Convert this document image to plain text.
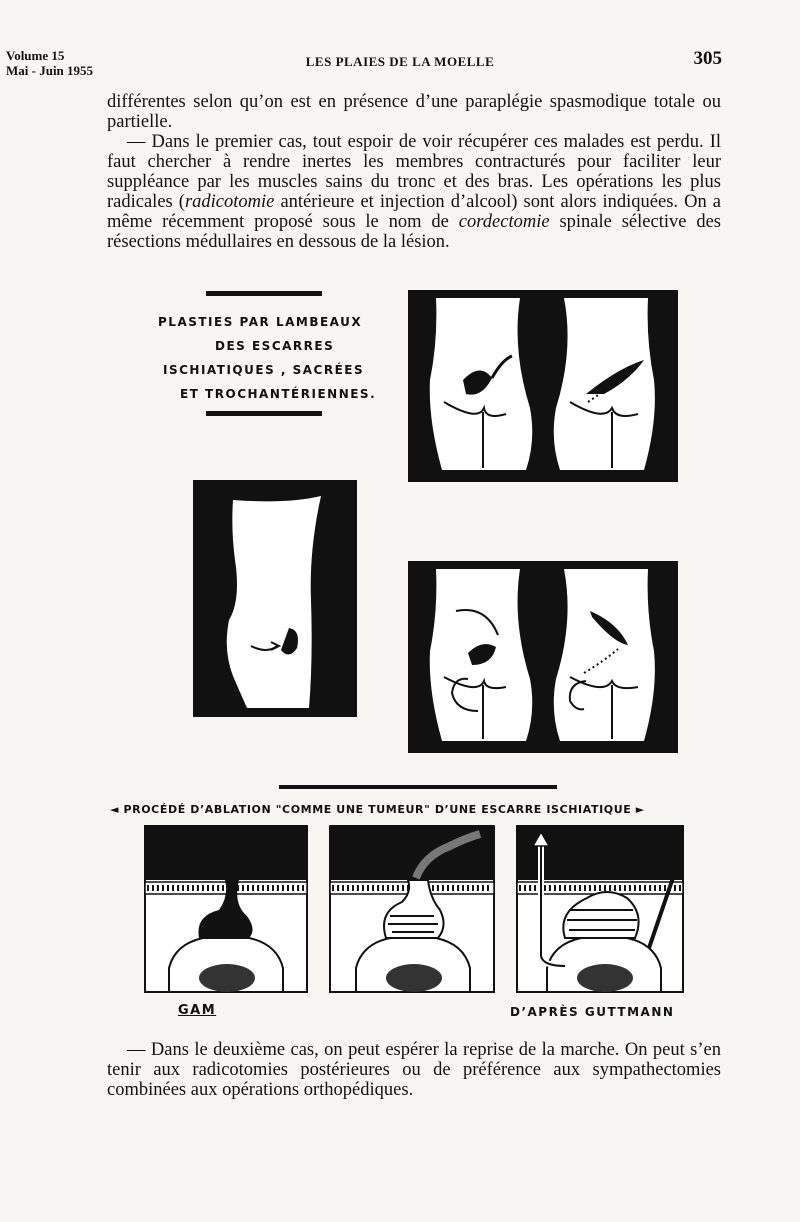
Volume 15
Mai - Juin 1955
LES PLAIES DE LA MOELLE	305

différentes selon qu’on est en présence d’une paraplégie spasmodique totale ou partielle.

— Dans le premier cas, tout espoir de voir récupérer ces malades est perdu. Il faut chercher à rendre inertes les membres contracturés pour faciliter leur suppléance par les muscles sains du tronc et des bras. Les opérations les plus radicales (radicotomie antérieure et injection d’alcool) sont alors indiquées. On a même récemment proposé sous le nom de cordectomie spinale sélective des résections médullaires en dessous de la lésion.

PLASTIES PAR LAMBEAUX
DES ESCARRES
ISCHIATIQUES , SACRÉES
ET TROCHANTÉRIENNES.
◄ PROCÉDÉ D’ABLATION "COMME UNE TUMEUR" D’UNE ESCARRE ISCHIATIQUE ►
GAM	D’APRÈS GUTTMANN

— Dans le deuxième cas, on peut espérer la reprise de la marche. On peut s’en tenir aux radicotomies postérieures ou de préférence aux sympathectomies combinées aux opérations orthopédiques.
